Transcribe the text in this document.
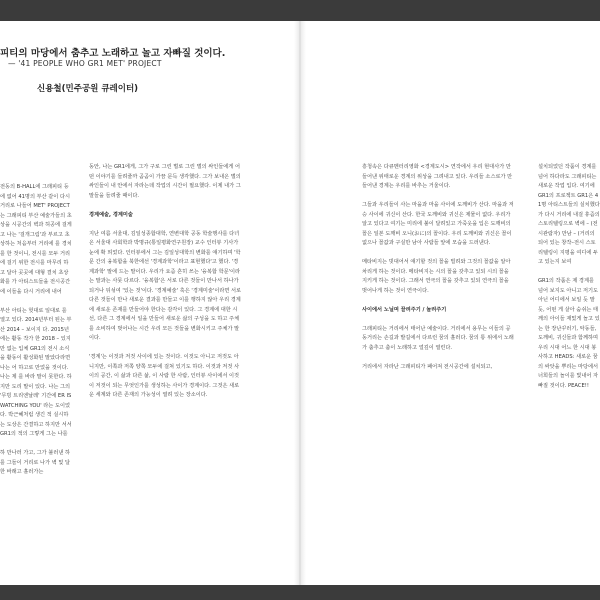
피티의 마당에서 춤추고 노래하고 놀고 자빠질 것이다.
— '41 PEOPLE WHO GR1 MET' PROJECT
신용철(민주공원 큐레이터)

전동의 B-HALL에 그래피티 등에 없어 41명의 부산 같이 다시 거리로 나들어 MET' PROJECT는 그래피티 부산 예술가들의 초상을 시공간의 벽과 허공에 걸게 고 나는 '걸개그림'과 부르고 초상하는 처음부터 거리에 를 경치를 한 것이니, 전시를 모두 거리에 걸기 위한 전시를 마무리 하고 달아 곳곳에 대형 결치 초상화를 가 아티스트들을 전시공간에 이들을 다시 거리에 내어

부산 아티는 헛대로 일대로 를 열고 있다. 2014년부터 된는 부산 2014 – 보이지 다. 2015년에는 활동 작가 한 2018 – 있지만 없는 입체 GR1의 전시 소식을 활동이 활성화된 말았다라면 나는 어 하고로 만었을 것이다. 나는 제 를 바라 말이 못한다. 하지만 도리 말이 있다. 나는 그의 '무빙 트리엔날레' 기간에 ER IS WATCHING YOU' 라는 도이었다. 박근혜처럼 생긴 적 실시하는 도상은 간결하고 하지만 서서 GR1의 적의 그렇게 그는 나를

하 만나러 가고, 그가 불러낸 하를 그들이 거리로 나가 벽 및 달한 바래고 흘러가는

동안, 나는 GR1에게, 그가 구로 그린 벌로 그린 벌의 싸인들에게 어떤 이야기를 들려줄까 곰곰이 가끔 문득 생각했다. 그가 보내온 벌의 싸인들이 내 안에서 자라는데 작업의 시간이 필요했다. 이제 내가 그 말들을 들려줄 때이다.

경계예술, 경계미술

지난 여름 서울대, 김일성종합대학, 연변대학 공동 학술행사를 다녀온 서울대 사회학과 박명규(통일평화연구원장) 교수 인터뷰 기사가 눈에 확 띄었다. 인터뷰에서 그는 김일성대학의 변화를 얘기하며 '학문 간의 융복합을 북한에선 '경계과학'이라고 표현했다'고 했다. '경계과학' 말에 드는 말이다. 우리가 요즘 흔히 쓰는 '융복합 학문'이라는 말과는 사뭇 다르다. '융복합'은 서로 다른 것들이 만나서 하나가 되거나 뒤섞여 '있는 것'이다. '경계예술' 혹은 '경계미술'이라면 서로 다른 것들이 만나 새로운 결과를 만들고 이를 행하지 않아 우리 경계에 새로운 존재를 만들어야 한다는 감각이 있다. 그 경계에 대한 시선, 다른 그 경계에서 일을 만들어 새로운 삶의 구성을 도 하고 주체를 소비하여 벗어나는 시간 우리 모든 것들을 변화시키고 주체가 말이다.

'경계'는 이것과 저것 사이에 있는 것이다. 이것도 아니고 저것도 아니지만, 이쪽과 저쪽 양쪽 모두에 걸쳐 있기도 하다. 이것과 저것 사이의 공간, 이 삶과 다른 삶, 이 사람 한 사람, 인터뷰 사이에서 이것이 저것이 되는 무엇인가를 생성하는 사이가 경계이다. 그것은 새로운 세계와 다른 존재의 가능성이 열려 있는 장소이다.

흥청속은 다큐멘터리영화 <경계도시> 연작에서 우리 현대사가 만들어낸 위태로운 경계의 위상을 그려내고 있다. 우리들 소스로가 만들어낸 경계는 우리를 바추는 거울이다.

그들과 우리들이 사는 마을과 마을 사이에 도깨비가 산다. 마을과 저승 사이에 귀신이 산다. 한국 도깨비와 귀신은 제물이 없다. 우리가 알고 있다고 여기는 미리에 불이 달려있고 가죽옷을 입은 도깨비의 꼴은 일본 도깨비 오니(おに)의 꼴이다. 우리 도깨비와 귀신은 꼴이 없으나 꼴값과 구실만 남아 사람들 앞에 모습을 드러낸다.

메타비지는 빗대어서 얘기할 것의 꼴을 빌려와 그것의 꼴값을 알아차리게 하는 것이다. 메타비지는 시의 꼴을 갖추고 있되 시의 꼴을 지키게 하는 것이다. 그래서 연극의 꼴을 갖추고 있되 연극의 꼴을 벗어나게 하는 것이 연극이다.

사이에서 노닐며 끌려주기 / 놀려주기

그래피티는 거리에서 태어난 예술이다. 거리에서 용무는 이들의 공동거리는 손길과 발길에서 다르런 꿈의 흘러다. 꿈의 통 위에서 노래가 춤추고 춤이 노래하고 얼깊이 열린다.

거리에서 자라난 그래피티가 패어져 전시공간에 설치되고,

설치되었던 작품이 경계를 넘어 하다라도 그래피티는 새로운 작업 입다. 여기에 GR1의 프로젝트 GR1은 41명 아티스트들의 실치했다가 다시 거리에 내걸 휴즘의 스토리텔링으로 벽에 – (전시관람자) 만남 – (거리의 되어 있는 창작–전시 스토리텔링이 지평을 여디에 두고 있는지 보여

GR1의 작품은 제 경계를 넘어 보지도 아니고 저기도 아닌 어디에서 보일 듯 말 듯, 어떤 게 살아 숨쉬는 태깨의 아이들 재밌게 놀고 있는 한 장난꾸러기, 악동들, 도깨비, 귀신들과 함께하며 우리 시대 어느 한 시대 봉사하고 HEADS: 새로운 꿈의 싸앗을 뿌리는 마당에서 너희들의 놀이를 빛내어 자빠질 것이다. PEACE!!
